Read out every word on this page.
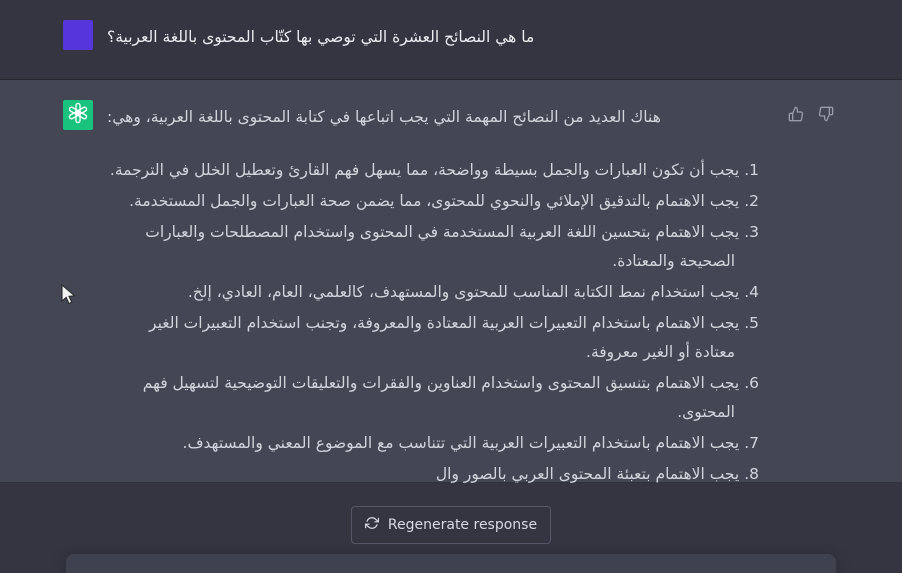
ما هي النصائح العشرة التي توصي بها كتّاب المحتوى باللغة العربية؟
هناك العديد من النصائح المهمة التي يجب اتباعها في كتابة المحتوى باللغة العربية، وهي:
1. يجب أن تكون العبارات والجمل بسيطة وواضحة، مما يسهل فهم القارئ وتعطيل الخلل في الترجمة.
2. يجب الاهتمام بالتدقيق الإملائي والنحوي للمحتوى، مما يضمن صحة العبارات والجمل المستخدمة.
3. يجب الاهتمام بتحسين اللغة العربية المستخدمة في المحتوى واستخدام المصطلحات والعبارات الصحيحة والمعتادة.
4. يجب استخدام نمط الكتابة المناسب للمحتوى والمستهدف، كالعلمي، العام، العادي، إلخ.
5. يجب الاهتمام باستخدام التعبيرات العربية المعتادة والمعروفة، وتجنب استخدام التعبيرات الغير معتادة أو الغير معروفة.
6. يجب الاهتمام بتنسيق المحتوى واستخدام العناوين والفقرات والتعليقات التوضيحية لتسهيل فهم المحتوى.
7. يجب الاهتمام باستخدام التعبيرات العربية التي تتناسب مع الموضوع المعني والمستهدف.
8. يجب الاهتمام بتعبئة المحتوى العربي بالصور وال
Regenerate response
